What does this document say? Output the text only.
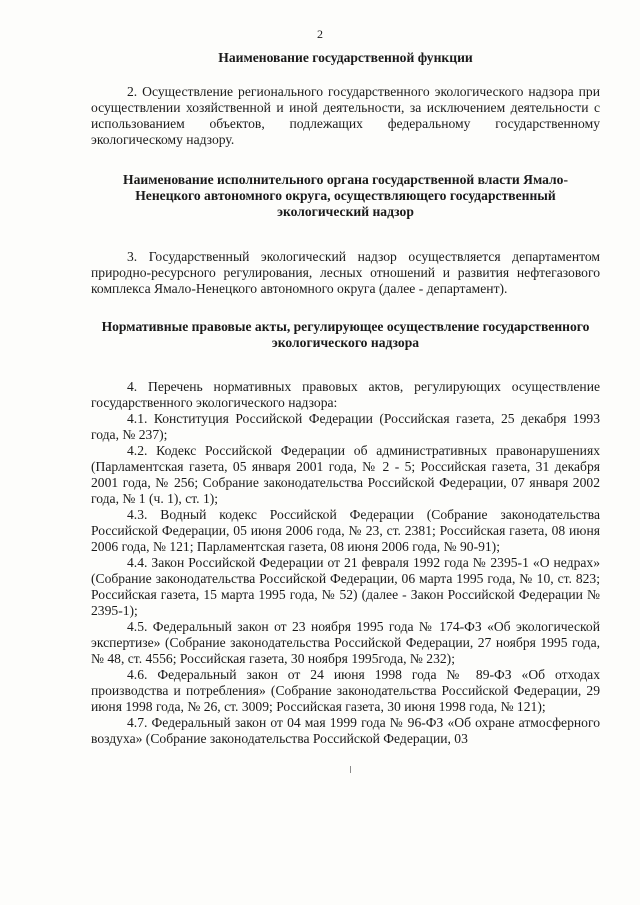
2
Наименование государственной функции

2. Осуществление регионального государственного экологического надзора при осуществлении хозяйственной и иной деятельности, за исключением деятельности с использованием объектов, подлежащих федеральному государственному экологическому надзору.

Наименование исполнительного органа государственной власти Ямало-Ненецкого автономного округа, осуществляющего государственный экологический надзор

3. Государственный экологический надзор осуществляется департаментом природно-ресурсного регулирования, лесных отношений и развития нефтегазового комплекса Ямало-Ненецкого автономного округа (далее - департамент).

Нормативные правовые акты, регулирующее осуществление государственного экологического надзора

4. Перечень нормативных правовых актов, регулирующих осуществление государственного экологического надзора:

4.1. Конституция Российской Федерации (Российская газета, 25 декабря 1993 года, № 237);

4.2. Кодекс Российской Федерации об административных правонарушениях (Парламентская газета, 05 января 2001 года, № 2 - 5; Российская газета, 31 декабря 2001 года, № 256; Собрание законодательства Российской Федерации, 07 января 2002 года, № 1 (ч. 1), ст. 1);

4.3. Водный кодекс Российской Федерации (Собрание законодательства Российской Федерации, 05 июня 2006 года, № 23, ст. 2381; Российская газета, 08 июня 2006 года, № 121; Парламентская газета, 08 июня 2006 года, № 90-91);

4.4. Закон Российской Федерации от 21 февраля 1992 года № 2395-1 «О недрах» (Собрание законодательства Российской Федерации, 06 марта 1995 года, № 10, ст. 823; Российская газета, 15 марта 1995 года, № 52) (далее - Закон Российской Федерации № 2395-1);

4.5. Федеральный закон от 23 ноября 1995 года № 174-ФЗ «Об экологической экспертизе» (Собрание законодательства Российской Федерации, 27 ноября 1995 года, № 48, ст. 4556; Российская газета, 30 ноября 1995года, № 232);

4.6. Федеральный закон от 24 июня 1998 года № 89-ФЗ «Об отходах производства и потребления» (Собрание законодательства Российской Федерации, 29 июня 1998 года, № 26, ст. 3009; Российская газета, 30 июня 1998 года, № 121);

4.7. Федеральный закон от 04 мая 1999 года № 96-ФЗ «Об охране атмосферного воздуха» (Собрание законодательства Российской Федерации, 03
